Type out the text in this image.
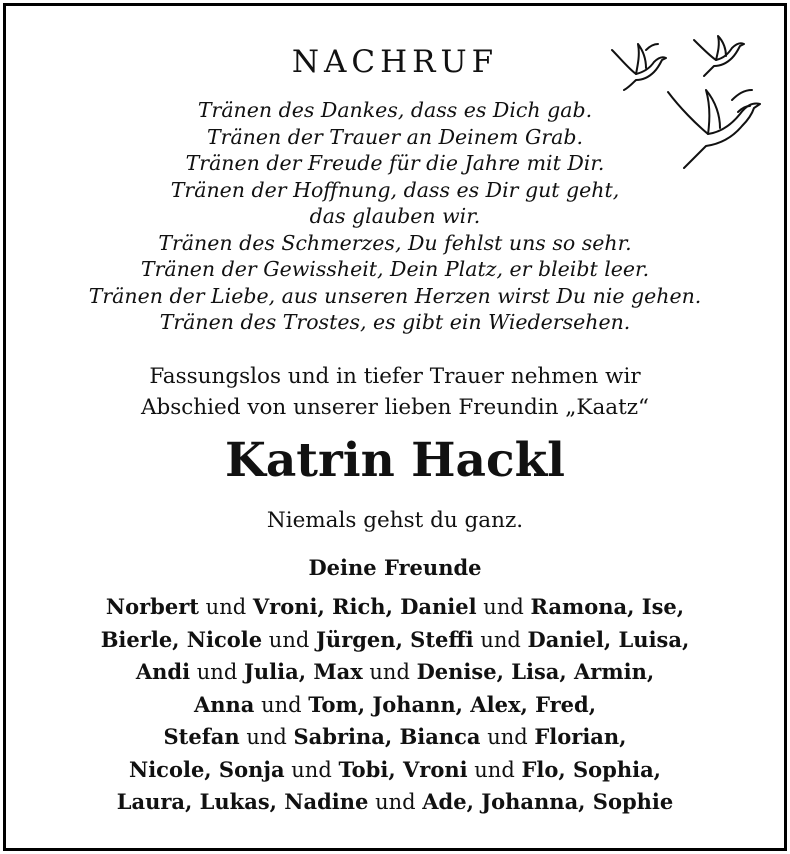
NACHRUF
Tränen des Dankes, dass es Dich gab.
Tränen der Trauer an Deinem Grab.
Tränen der Freude für die Jahre mit Dir.
Tränen der Hoffnung, dass es Dir gut geht,
das glauben wir.
Tränen des Schmerzes, Du fehlst uns so sehr.
Tränen der Gewissheit, Dein Platz, er bleibt leer.
Tränen der Liebe, aus unseren Herzen wirst Du nie gehen.
Tränen des Trostes, es gibt ein Wiedersehen.
Fassungslos und in tiefer Trauer nehmen wir
Abschied von unserer lieben Freundin „Kaatz“
Katrin Hackl
Niemals gehst du ganz.
Deine Freunde
Norbert und Vroni, Rich, Daniel und Ramona, Ise,
Bierle, Nicole und Jürgen, Steffi und Daniel, Luisa,
Andi und Julia, Max und Denise, Lisa, Armin,
Anna und Tom, Johann, Alex, Fred,
Stefan und Sabrina, Bianca und Florian,
Nicole, Sonja und Tobi, Vroni und Flo, Sophia,
Laura, Lukas, Nadine und Ade, Johanna, Sophie
